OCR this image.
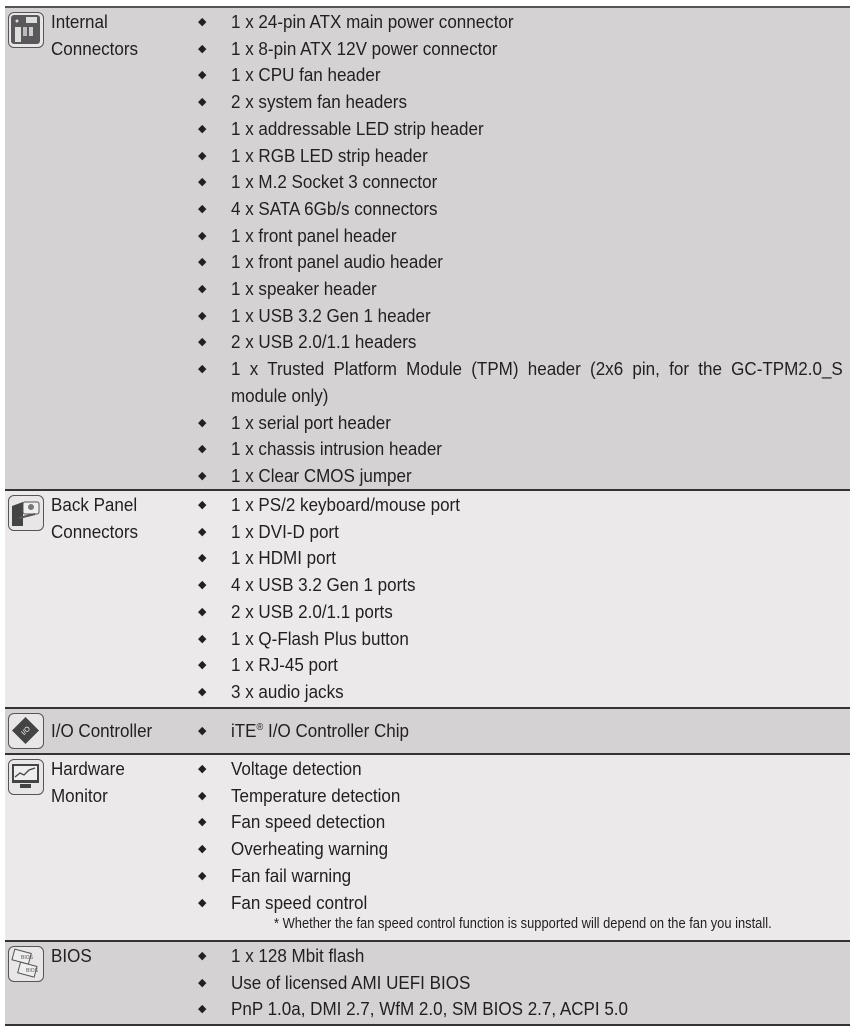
Internal
Connectors
◆ 1 x 24-pin ATX main power connector
◆ 1 x 8-pin ATX 12V power connector
◆ 1 x CPU fan header
◆ 2 x system fan headers
◆ 1 x addressable LED strip header
◆ 1 x RGB LED strip header
◆ 1 x M.2 Socket 3 connector
◆ 4 x SATA 6Gb/s connectors
◆ 1 x front panel header
◆ 1 x front panel audio header
◆ 1 x speaker header
◆ 1 x USB 3.2 Gen 1 header
◆ 2 x USB 2.0/1.1 headers
◆ 1 x Trusted Platform Module (TPM) header (2x6 pin, for the GC-TPM2.0_S module only)
◆ 1 x serial port header
◆ 1 x chassis intrusion header
◆ 1 x Clear CMOS jumper
Back Panel
Connectors
◆ 1 x PS/2 keyboard/mouse port
◆ 1 x DVI-D port
◆ 1 x HDMI port
◆ 4 x USB 3.2 Gen 1 ports
◆ 2 x USB 2.0/1.1 ports
◆ 1 x Q-Flash Plus button
◆ 1 x RJ-45 port
◆ 3 x audio jacks
I/O I/O Controller	◆ iTE® I/O Controller Chip
Hardware
Monitor
◆ Voltage detection
◆ Temperature detection
◆ Fan speed detection
◆ Overheating warning
◆ Fan fail warning
◆ Fan speed control
* Whether the fan speed control function is supported will depend on the fan you install.
BIOS
BIOS
BIOS	◆ 1 x 128 Mbit flash
◆ Use of licensed AMI UEFI BIOS
◆ PnP 1.0a, DMI 2.7, WfM 2.0, SM BIOS 2.7, ACPI 5.0
